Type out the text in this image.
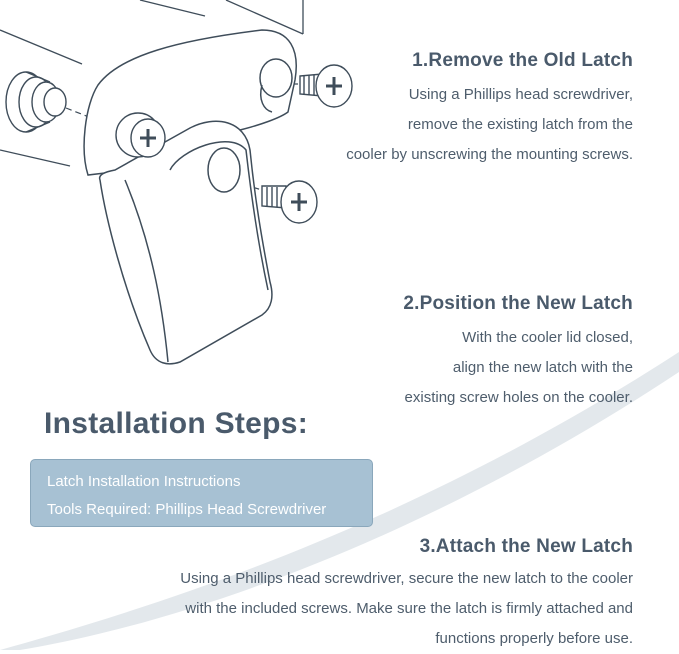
1.Remove the Old Latch

Using a Phillips head screwdriver,

remove the existing latch from the

cooler by unscrewing the mounting screws.

2.Position the New Latch

With the cooler lid closed,

align the new latch with the

existing screw holes on the cooler.

Installation Steps:
Latch Installation Instructions
Tools Required: Phillips Head Screwdriver
3.Attach the New Latch

Using a Phillips head screwdriver, secure the new latch to the cooler

with the included screws. Make sure the latch is firmly attached and

functions properly before use.
